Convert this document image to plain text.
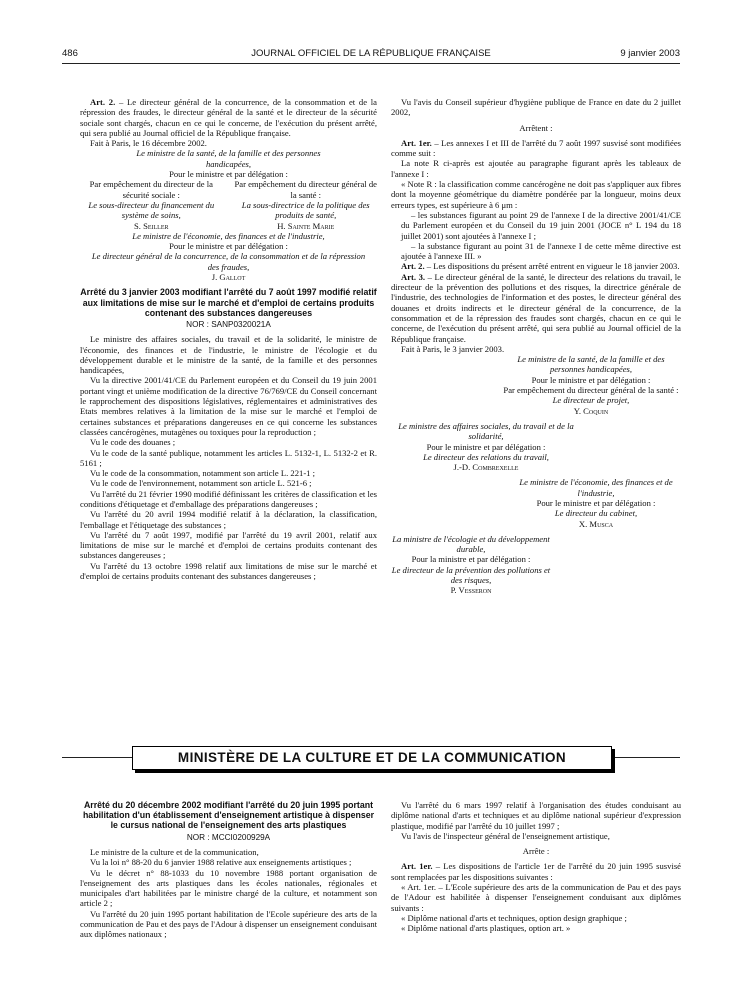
486	JOURNAL OFFICIEL DE LA RÉPUBLIQUE FRANÇAISE	9 janvier 2003

Art. 2. – Le directeur général de la concurrence, de la consommation et de la répression des fraudes, le directeur général de la santé et le directeur de la sécurité sociale sont chargés, chacun en ce qui le concerne, de l'exécution du présent arrêté, qui sera publié au Journal officiel de la République française.

Fait à Paris, le 16 décembre 2002.

Le ministre de la santé, de la famille et des personnes handicapées,

Pour le ministre et par délégation :

Par empêchement du directeur de la sécurité sociale :
Le sous-directeur du financement du système de soins,
S. Seiller
Par empêchement du directeur général de la santé :
La sous-directrice de la politique des produits de santé,
H. Sainte Marie

Le ministre de l'économie, des finances et de l'industrie,

Pour le ministre et par délégation :

Le directeur général de la concurrence, de la consommation et de la répression des fraudes,

J. Gallot

Arrêté du 3 janvier 2003 modifiant l'arrêté du 7 août 1997 modifié relatif aux limitations de mise sur le marché et d'emploi de certains produits contenant des substances dangereuses

NOR : SANP0320021A

Le ministre des affaires sociales, du travail et de la solidarité, le ministre de l'économie, des finances et de l'industrie, le ministre de l'écologie et du développement durable et le ministre de la santé, de la famille et des personnes handicapées,

Vu la directive 2001/41/CE du Parlement européen et du Conseil du 19 juin 2001 portant vingt et unième modification de la directive 76/769/CE du Conseil concernant le rapprochement des dispositions législatives, réglementaires et administratives des Etats membres relatives à la limitation de la mise sur le marché et l'emploi de certaines substances et préparations dangereuses en ce qui concerne les substances classées cancérogènes, mutagènes ou toxiques pour la reproduction ;

Vu le code des douanes ;

Vu le code de la santé publique, notamment les articles L. 5132-1, L. 5132-2 et R. 5161 ;

Vu le code de la consommation, notamment son article L. 221-1 ;

Vu le code de l'environnement, notamment son article L. 521-6 ;

Vu l'arrêté du 21 février 1990 modifié définissant les critères de classification et les conditions d'étiquetage et d'emballage des préparations dangereuses ;

Vu l'arrêté du 20 avril 1994 modifié relatif à la déclaration, la classification, l'emballage et l'étiquetage des substances ;

Vu l'arrêté du 7 août 1997, modifié par l'arrêté du 19 avril 2001, relatif aux limitations de mise sur le marché et d'emploi de certains produits contenant des substances dangereuses ;

Vu l'arrêté du 13 octobre 1998 relatif aux limitations de mise sur le marché et d'emploi de certains produits contenant des substances dangereuses ;

Vu l'avis du Conseil supérieur d'hygiène publique de France en date du 2 juillet 2002,

Arrêtent :

Art. 1er. – Les annexes I et III de l'arrêté du 7 août 1997 susvisé sont modifiées comme suit :

La note R ci-après est ajoutée au paragraphe figurant après les tableaux de l'annexe I :

« Note R : la classification comme cancérogène ne doit pas s'appliquer aux fibres dont la moyenne géométrique du diamètre pondérée par la longueur, moins deux erreurs types, est supérieure à 6 μm :

– les substances figurant au point 29 de l'annexe I de la directive 2001/41/CE du Parlement européen et du Conseil du 19 juin 2001 (JOCE n° L 194 du 18 juillet 2001) sont ajoutées à l'annexe I ;

– la substance figurant au point 31 de l'annexe I de cette même directive est ajoutée à l'annexe III. »

Art. 2. – Les dispositions du présent arrêté entrent en vigueur le 18 janvier 2003.

Art. 3. – Le directeur général de la santé, le directeur des relations du travail, le directeur de la prévention des pollutions et des risques, la directrice générale de l'industrie, des technologies de l'information et des postes, le directeur général des douanes et droits indirects et le directeur général de la concurrence, de la consommation et de la répression des fraudes sont chargés, chacun en ce qui le concerne, de l'exécution du présent arrêté, qui sera publié au Journal officiel de la République française.

Fait à Paris, le 3 janvier 2003.

Le ministre de la santé, de la famille et des personnes handicapées,
Pour le ministre et par délégation :
Par empêchement du directeur général de la santé :
Le directeur de projet,
Y. Coquin
Le ministre des affaires sociales, du travail et de la solidarité,
Pour le ministre et par délégation :
Le directeur des relations du travail,
J.-D. Combrexelle
Le ministre de l'économie, des finances et de l'industrie,
Pour le ministre et par délégation :
Le directeur du cabinet,
X. Musca
La ministre de l'écologie et du développement durable,
Pour la ministre et par délégation :
Le directeur de la prévention des pollutions et des risques,
P. Vesseron
MINISTÈRE DE LA CULTURE ET DE LA COMMUNICATION

Arrêté du 20 décembre 2002 modifiant l'arrêté du 20 juin 1995 portant habilitation d'un établissement d'enseignement artistique à dispenser le cursus national de l'enseignement des arts plastiques

NOR : MCCI0200929A

Le ministre de la culture et de la communication,

Vu la loi n° 88-20 du 6 janvier 1988 relative aux enseignements artistiques ;

Vu le décret n° 88-1033 du 10 novembre 1988 portant organisation de l'enseignement des arts plastiques dans les écoles nationales, régionales et municipales d'art habilitées par le ministre chargé de la culture, et notamment son article 2 ;

Vu l'arrêté du 20 juin 1995 portant habilitation de l'Ecole supérieure des arts de la communication de Pau et des pays de l'Adour à dispenser un enseignement conduisant aux diplômes nationaux ;

Vu l'arrêté du 6 mars 1997 relatif à l'organisation des études conduisant au diplôme national d'arts et techniques et au diplôme national supérieur d'expression plastique, modifié par l'arrêté du 10 juillet 1997 ;

Vu l'avis de l'inspecteur général de l'enseignement artistique,

Arrête :

Art. 1er. – Les dispositions de l'article 1er de l'arrêté du 20 juin 1995 susvisé sont remplacées par les dispositions suivantes :

« Art. 1er. – L'Ecole supérieure des arts de la communication de Pau et des pays de l'Adour est habilitée à dispenser l'enseignement conduisant aux diplômes suivants :

« Diplôme national d'arts et techniques, option design graphique ;

« Diplôme national d'arts plastiques, option art. »
